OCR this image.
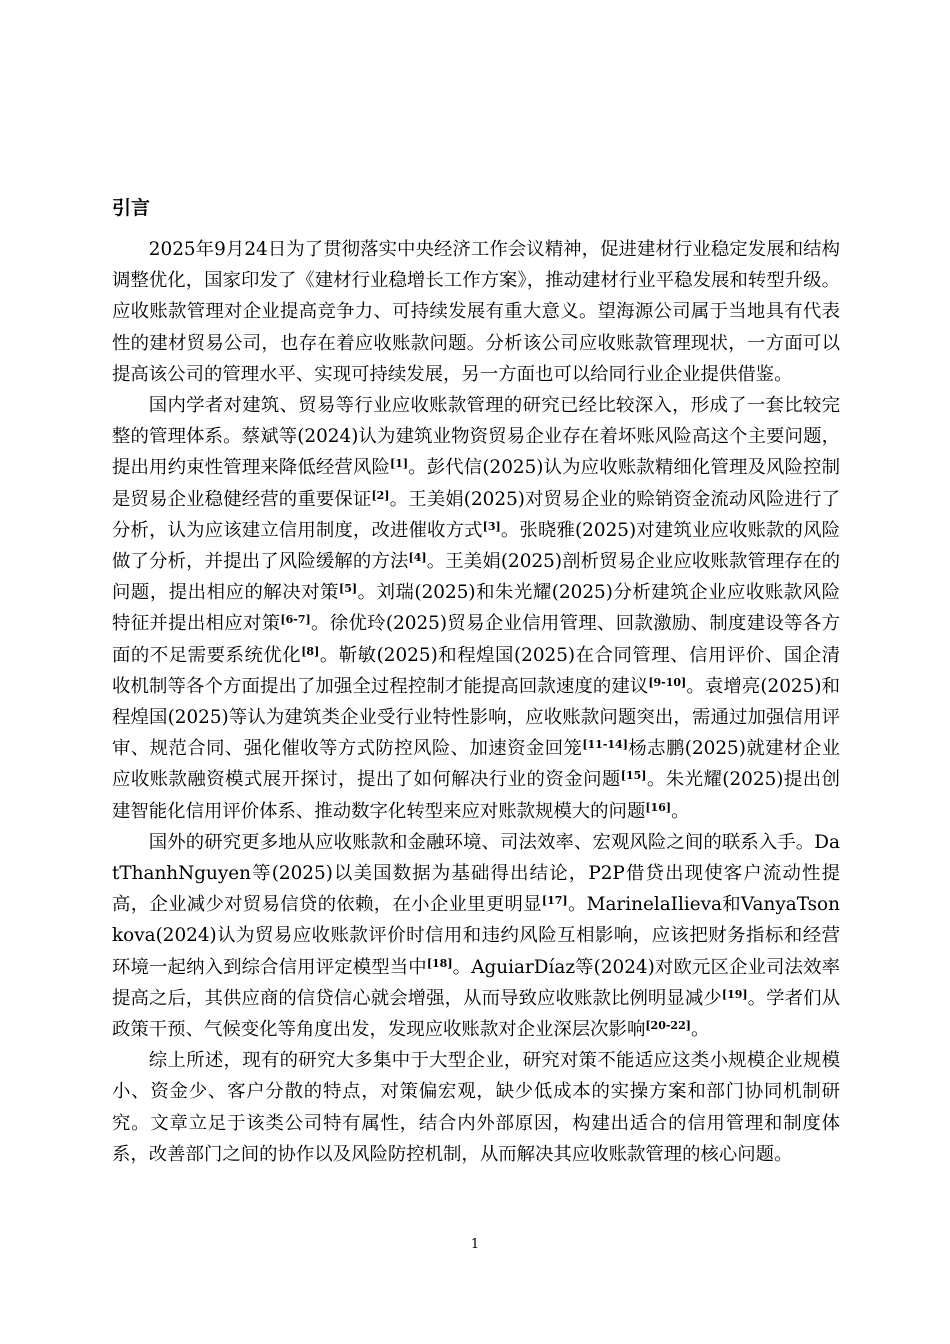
引言

2025年9月24日为了贯彻落实中央经济工作会议精神，促进建材行业稳定发展和结构调整优化，国家印发了《建材行业稳增长工作方案》，推动建材行业平稳发展和转型升级。应收账款管理对企业提高竞争力、可持续发展有重大意义。望海源公司属于当地具有代表性的建材贸易公司，也存在着应收账款问题。分析该公司应收账款管理现状，一方面可以提高该公司的管理水平、实现可持续发展，另一方面也可以给同行业企业提供借鉴。

国内学者对建筑、贸易等行业应收账款管理的研究已经比较深入，形成了一套比较完整的管理体系。蔡斌等(2024)认为建筑业物资贸易企业存在着坏账风险高这个主要问题，提出用约束性管理来降低经营风险[1]。彭代信(2025)认为应收账款精细化管理及风险控制是贸易企业稳健经营的重要保证[2]。王美娟(2025)对贸易企业的赊销资金流动风险进行了分析，认为应该建立信用制度，改进催收方式[3]。张晓雅(2025)对建筑业应收账款的风险做了分析，并提出了风险缓解的方法[4]。王美娟(2025)剖析贸易企业应收账款管理存在的问题，提出相应的解决对策[5]。刘瑞(2025)和朱光耀(2025)分析建筑企业应收账款风险特征并提出相应对策[6-7]。徐优玲(2025)贸易企业信用管理、回款激励、制度建设等各方面的不足需要系统优化[8]。靳敏(2025)和程煌国(2025)在合同管理、信用评价、国企清收机制等各个方面提出了加强全过程控制才能提高回款速度的建议[9-10]。袁增亮(2025)和程煌国(2025)等认为建筑类企业受行业特性影响，应收账款问题突出，需通过加强信用评审、规范合同、强化催收等方式防控风险、加速资金回笼[11-14]杨志鹏(2025)就建材企业应收账款融资模式展开探讨，提出了如何解决行业的资金问题[15]。朱光耀(2025)提出创建智能化信用评价体系、推动数字化转型来应对账款规模大的问题[16]。

国外的研究更多地从应收账款和金融环境、司法效率、宏观风险之间的联系入手。DatThanhNguyen等(2025)以美国数据为基础得出结论，P2P借贷出现使客户流动性提高，企业减少对贸易信贷的依赖，在小企业里更明显[17]。MarinelaIlieva和VanyaTsonkova(2024)认为贸易应收账款评价时信用和违约风险互相影响，应该把财务指标和经营环境一起纳入到综合信用评定模型当中[18]。AguiarDíaz等(2024)对欧元区企业司法效率提高之后，其供应商的信贷信心就会增强，从而导致应收账款比例明显减少[19]。学者们从政策干预、气候变化等角度出发，发现应收账款对企业深层次影响[20-22]。

综上所述，现有的研究大多集中于大型企业，研究对策不能适应这类小规模企业规模小、资金少、客户分散的特点，对策偏宏观，缺少低成本的实操方案和部门协同机制研究。文章立足于该类公司特有属性，结合内外部原因，构建出适合的信用管理和制度体系，改善部门之间的协作以及风险防控机制，从而解决其应收账款管理的核心问题。

1
